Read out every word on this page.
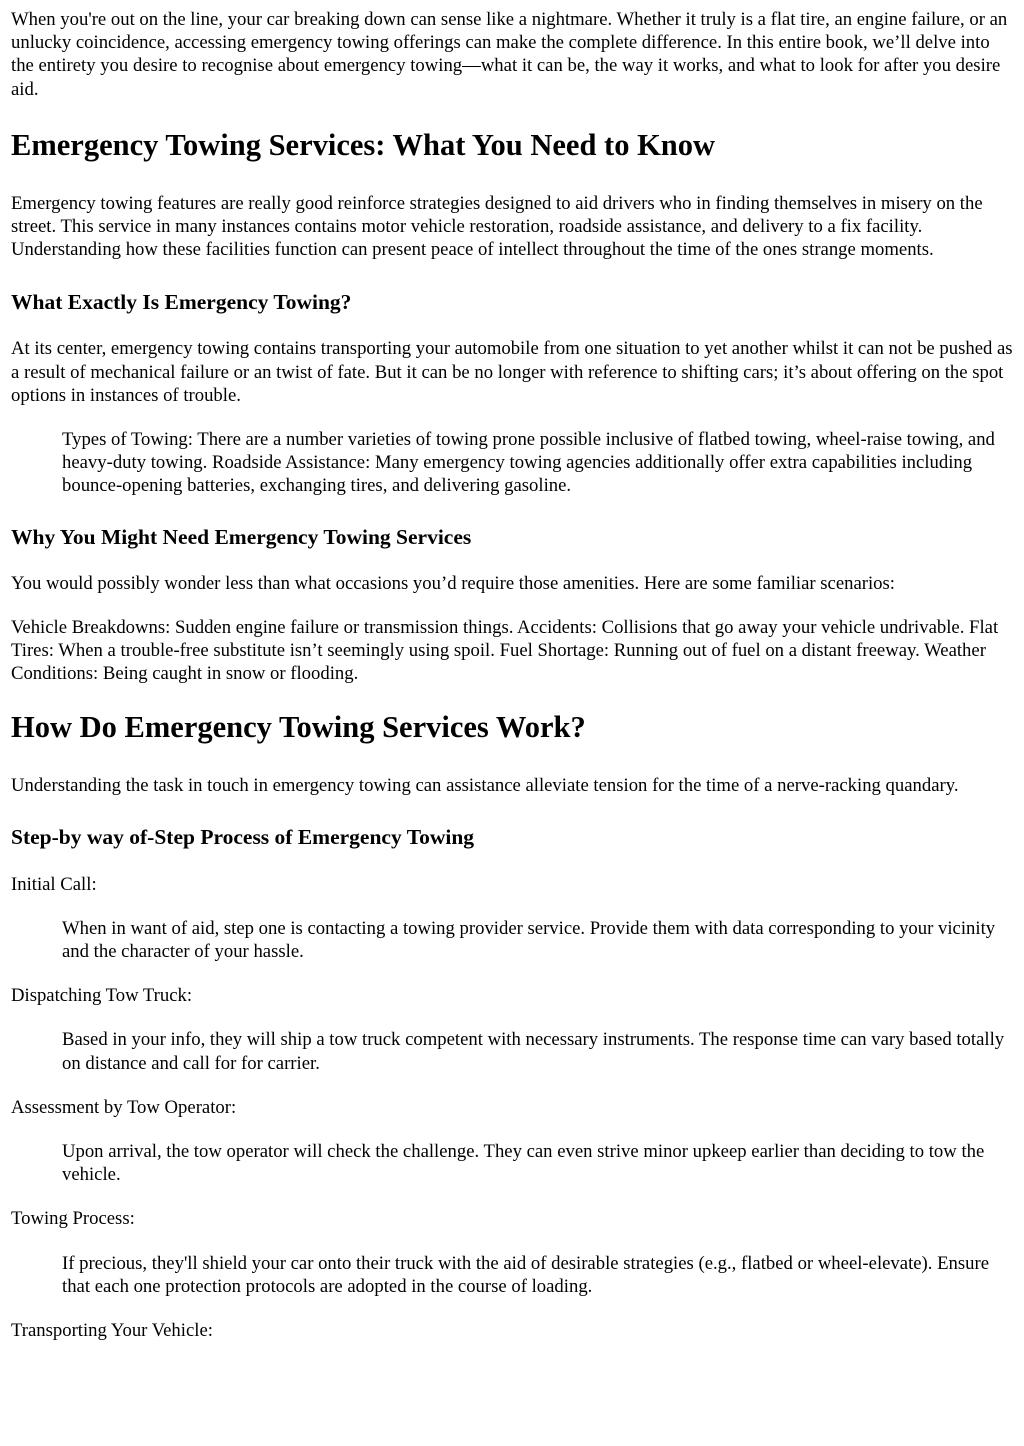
When you're out on the line, your car breaking down can sense like a nightmare. Whether it truly is a flat tire, an engine failure, or an unlucky coincidence, accessing emergency towing offerings can make the complete difference. In this entire book, we’ll delve into the entirety you desire to recognise about emergency towing—what it can be, the way it works, and what to look for after you desire aid.

Emergency Towing Services: What You Need to Know

Emergency towing features are really good reinforce strategies designed to aid drivers who in finding themselves in misery on the street. This service in many instances contains motor vehicle restoration, roadside assistance, and delivery to a fix facility. Understanding how these facilities function can present peace of intellect throughout the time of the ones strange moments.

What Exactly Is Emergency Towing?

At its center, emergency towing contains transporting your automobile from one situation to yet another whilst it can not be pushed as a result of mechanical failure or an twist of fate. But it can be no longer with reference to shifting cars; it’s about offering on the spot options in instances of trouble.

Types of Towing: There are a number varieties of towing prone possible inclusive of flatbed towing, wheel-raise towing, and heavy-duty towing. Roadside Assistance: Many emergency towing agencies additionally offer extra capabilities including bounce-opening batteries, exchanging tires, and delivering gasoline.

Why You Might Need Emergency Towing Services

You would possibly wonder less than what occasions you’d require those amenities. Here are some familiar scenarios:

Vehicle Breakdowns: Sudden engine failure or transmission things. Accidents: Collisions that go away your vehicle undrivable. Flat Tires: When a trouble-free substitute isn’t seemingly using spoil. Fuel Shortage: Running out of fuel on a distant freeway. Weather Conditions: Being caught in snow or flooding.

How Do Emergency Towing Services Work?

Understanding the task in touch in emergency towing can assistance alleviate tension for the time of a nerve-racking quandary.

Step-by way of-Step Process of Emergency Towing

Initial Call:

When in want of aid, step one is contacting a towing provider service. Provide them with data corresponding to your vicinity and the character of your hassle.

Dispatching Tow Truck:

Based in your info, they will ship a tow truck competent with necessary instruments. The response time can vary based totally on distance and call for for carrier.

Assessment by Tow Operator:

Upon arrival, the tow operator will check the challenge. They can even strive minor upkeep earlier than deciding to tow the vehicle.

Towing Process:

If precious, they'll shield your car onto their truck with the aid of desirable strategies (e.g., flatbed or wheel-elevate). Ensure that each one protection protocols are adopted in the course of loading.

Transporting Your Vehicle:
